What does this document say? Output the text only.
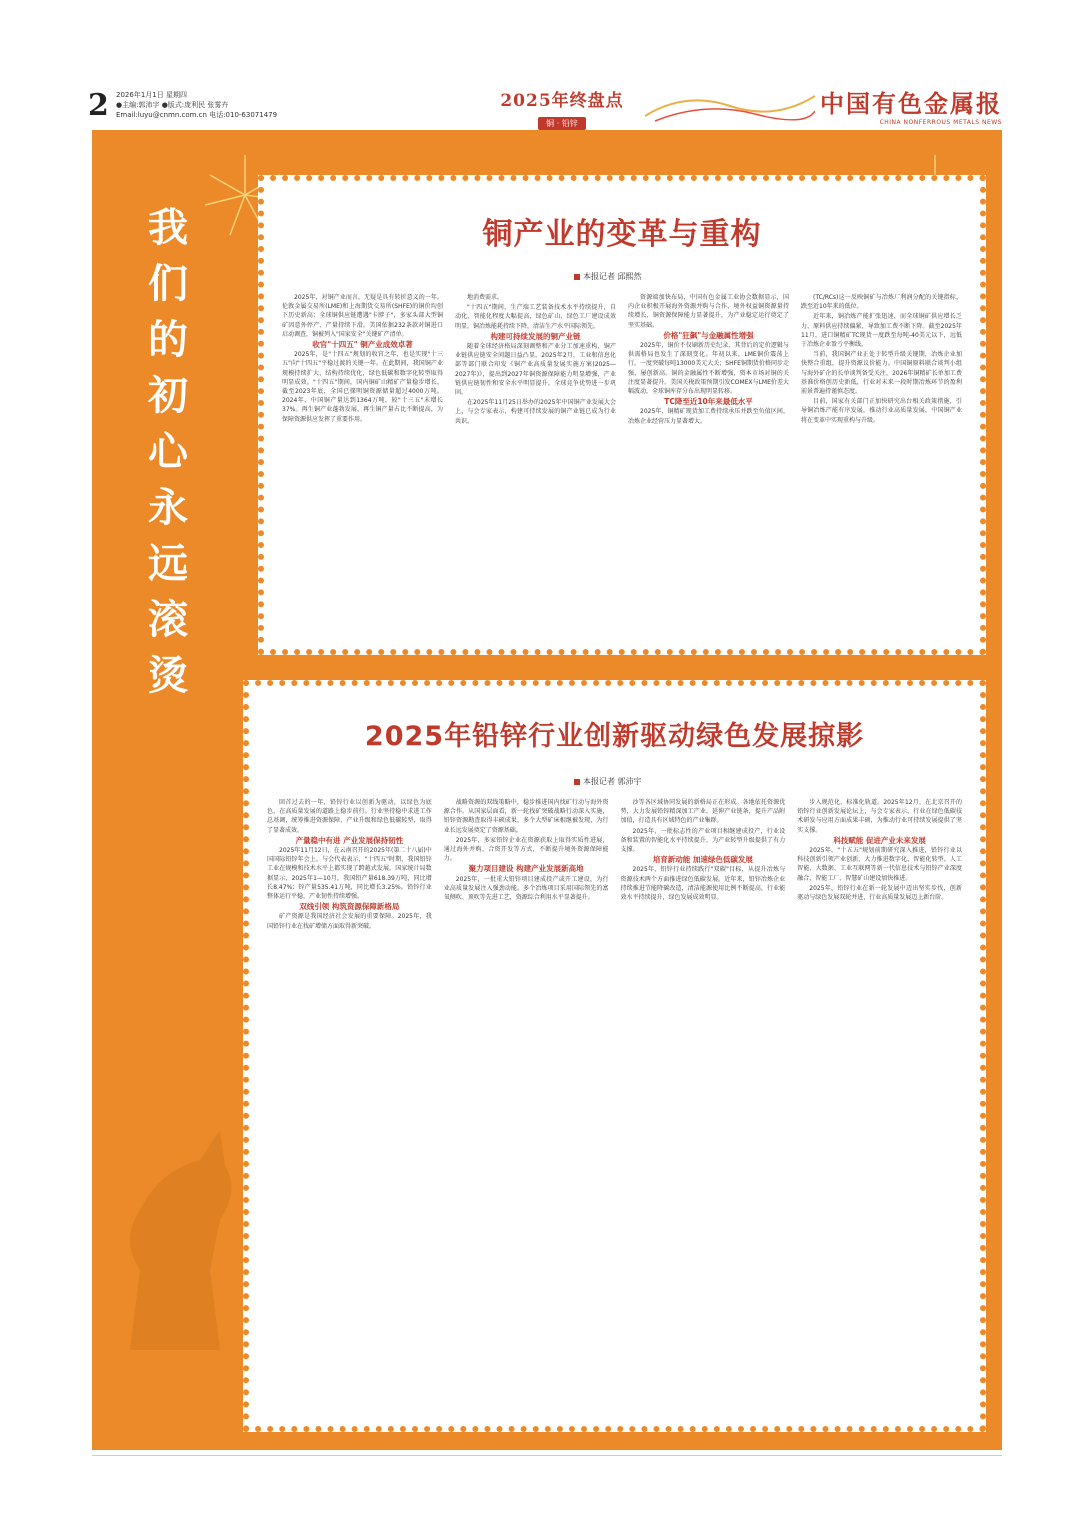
2 2026年1月1日 星期四
●主编:郭沛宇 ●版式:庞利民 张雾卉
Email:luyu@cnmn.com.cn 电话:010-63071479
2025年终盘点
铜 · 铅锌
中国有色金属报
CHINA NONFERROUS METALS NEWS
我们的初心永远滚烫
铜产业的变革与重构
本报记者 邱熙然

2025年，对铜产业而言，无疑是具有转折意义的一年。伦敦金属交易所(LME)和上海期货交易所(SHFE)的铜价均创下历史新高；全球铜供应链遭遇"卡脖子"，多家头部大型铜矿因意外停产、产量持续下滑。美国依据232条款对铜进口启动调查，铜被列入"国家安全"关键矿产清单。

收官"十四五" 铜产业成效卓著

2025年，是"十四五"规划的收官之年，也是实现"十三五"向"十四五"平稳过渡的关键一年。在此期间，我国铜产业规模持续扩大，结构持续优化，绿色低碳和数字化转型取得明显成效。"十四五"期间，国内铜矿山精矿产量稳步增长，截至2023年底，全国已探明铜资源储量超过4000万吨。2024年，中国铜产量达到1364万吨，较"十三五"末增长37%。再生铜产业蓬勃发展，再生铜产量占比不断提高，为保障资源供应发挥了重要作用。

地消费需求。

"十四五"期间，生产端工艺装备技术水平持续提升，自动化、智能化程度大幅提高，绿色矿山、绿色工厂建设成效明显，铜冶炼能耗持续下降，清洁生产水平国际领先。

构建可持续发展的铜产业链

随着全球经济格局深刻调整和产业分工加速重构，铜产业链供应链安全问题日益凸显。2025年2月，工业和信息化部等部门联合印发《铜产业高质量发展实施方案(2025—2027年)》，提出到2027年铜资源保障能力明显增强，产业链供应链韧性和安全水平明显提升，全球竞争优势进一步巩固。

在2025年11月25日举办的2025年中国铜产业发展大会上，与会专家表示，构建可持续发展的铜产业链已成为行业共识。

资源端加快布局，中国有色金属工业协会数据显示，国内企业积极开展海外资源并购与合作，境外权益铜资源量持续增长，铜资源保障能力显著提升，为产业稳定运行奠定了坚实基础。

价格"狂飙"与金融属性增强

2025年，铜价不仅刷新历史纪录，其背后的定价逻辑与供需格局也发生了深刻变化。年初以来，LME铜价震荡上行，一度突破每吨13000美元大关；SHFE铜期货价格同步走强，屡创新高。铜的金融属性不断增强，资本市场对铜的关注度显著提升。美国关税政策预期引发COMEX与LME价差大幅波动，全球铜库存分布出现明显转移。

TC降至近10年来最低水平

2025年，铜精矿现货加工费持续承压并跌至负值区间，冶炼企业经营压力显著增大。

(TC/RCs)这一反映铜矿与冶炼厂利润分配的关键指标，跌至近10年来的低位。

近年来，铜冶炼产能扩张迅速，而全球铜矿供应增长乏力，原料供应持续偏紧，导致加工费不断下降。截至2025年11月，进口铜精矿TC现货一度跌至每吨-40美元以下，远低于冶炼企业盈亏平衡线。

当前，我国铜产业正处于转型升级关键期，冶炼企业加快整合重组，提升资源议价能力。中国铜原料联合谈判小组与海外矿企的长单谈判备受关注，2026年铜精矿长单加工费基准价格创历史新低，行业对未来一段时期冶炼环节的盈利前景普遍持谨慎态度。

目前，国家有关部门正加快研究出台相关政策措施，引导铜冶炼产能有序发展，推动行业高质量发展，中国铜产业将在变革中实现重构与升级。

2025年铅锌行业创新驱动绿色发展掠影
本报记者 郭沛宇

回首过去的一年，铅锌行业以创新为驱动，以绿色为底色，在高质量发展的道路上稳步前行。行业坚持稳中求进工作总基调，统筹推进资源保障、产业升级和绿色低碳转型，取得了显著成效。

产量稳中有进 产业发展保持韧性

2025年11月12日，在云南召开的2025年(第二十八届)中国国际铅锌年会上，与会代表表示，"十四五"时期，我国铅锌工业在规模和技术水平上都实现了跨越式发展。国家统计局数据显示，2025年1—10月，我国铅产量618.39万吨，同比增长8.47%；锌产量535.41万吨，同比增长3.25%。铅锌行业整体运行平稳，产业韧性持续增强。

双线引领 构筑资源保障新格局

矿产资源是我国经济社会发展的重要保障。2025年，我国铅锌行业在找矿增储方面取得新突破。

战略资源的双线策略中，稳步推进国内找矿行动与海外资源合作。从国家层面看，新一轮找矿突破战略行动深入实施，铅锌资源勘查取得丰硕成果，多个大型矿床相继被发现，为行业长远发展奠定了资源基础。

2025年，多家铅锌企业在资源获取上取得实质性进展，通过海外并购、合资开发等方式，不断提升境外资源保障能力。

聚力项目建设 构建产业发展新高地

2025年，一批重大铅锌项目建成投产或开工建设，为行业高质量发展注入强劲动能。多个冶炼项目采用国际领先的富氧侧吹、顶吹等先进工艺，资源综合利用水平显著提升。

沙等各区域协同发展的新格局正在形成。各地依托资源优势，大力发展铅锌精深加工产业，延伸产业链条，提升产品附加值，打造具有区域特色的产业集群。

2025年，一批标志性的产业项目相继建成投产，行业设备和装置的智能化水平持续提升，为产业转型升级提供了有力支撑。

培育新动能 加速绿色低碳发展

2025年，铅锌行业持续践行"双碳"目标，从提升冶炼与资源技术两个方面推进绿色低碳发展。近年来，铅锌冶炼企业持续推进节能降碳改造，清洁能源使用比例不断提高，行业能效水平持续提升，绿色发展成效明显。

步入规范化、标准化轨道。2025年12月，在北京召开的铅锌行业创新发展论坛上，与会专家表示，行业在绿色低碳技术研发与应用方面成果丰硕，为推动行业可持续发展提供了坚实支撑。

科技赋能 促进产业未来发展

2025年，"十五五"规划前期研究深入推进，铅锌行业以科技创新引领产业创新，大力推进数字化、智能化转型。人工智能、大数据、工业互联网等新一代信息技术与铅锌产业深度融合，智能工厂、智慧矿山建设加快推进。

2025年，铅锌行业在新一轮发展中迈出坚实步伐，创新驱动与绿色发展双轮并进，行业高质量发展迈上新台阶。
